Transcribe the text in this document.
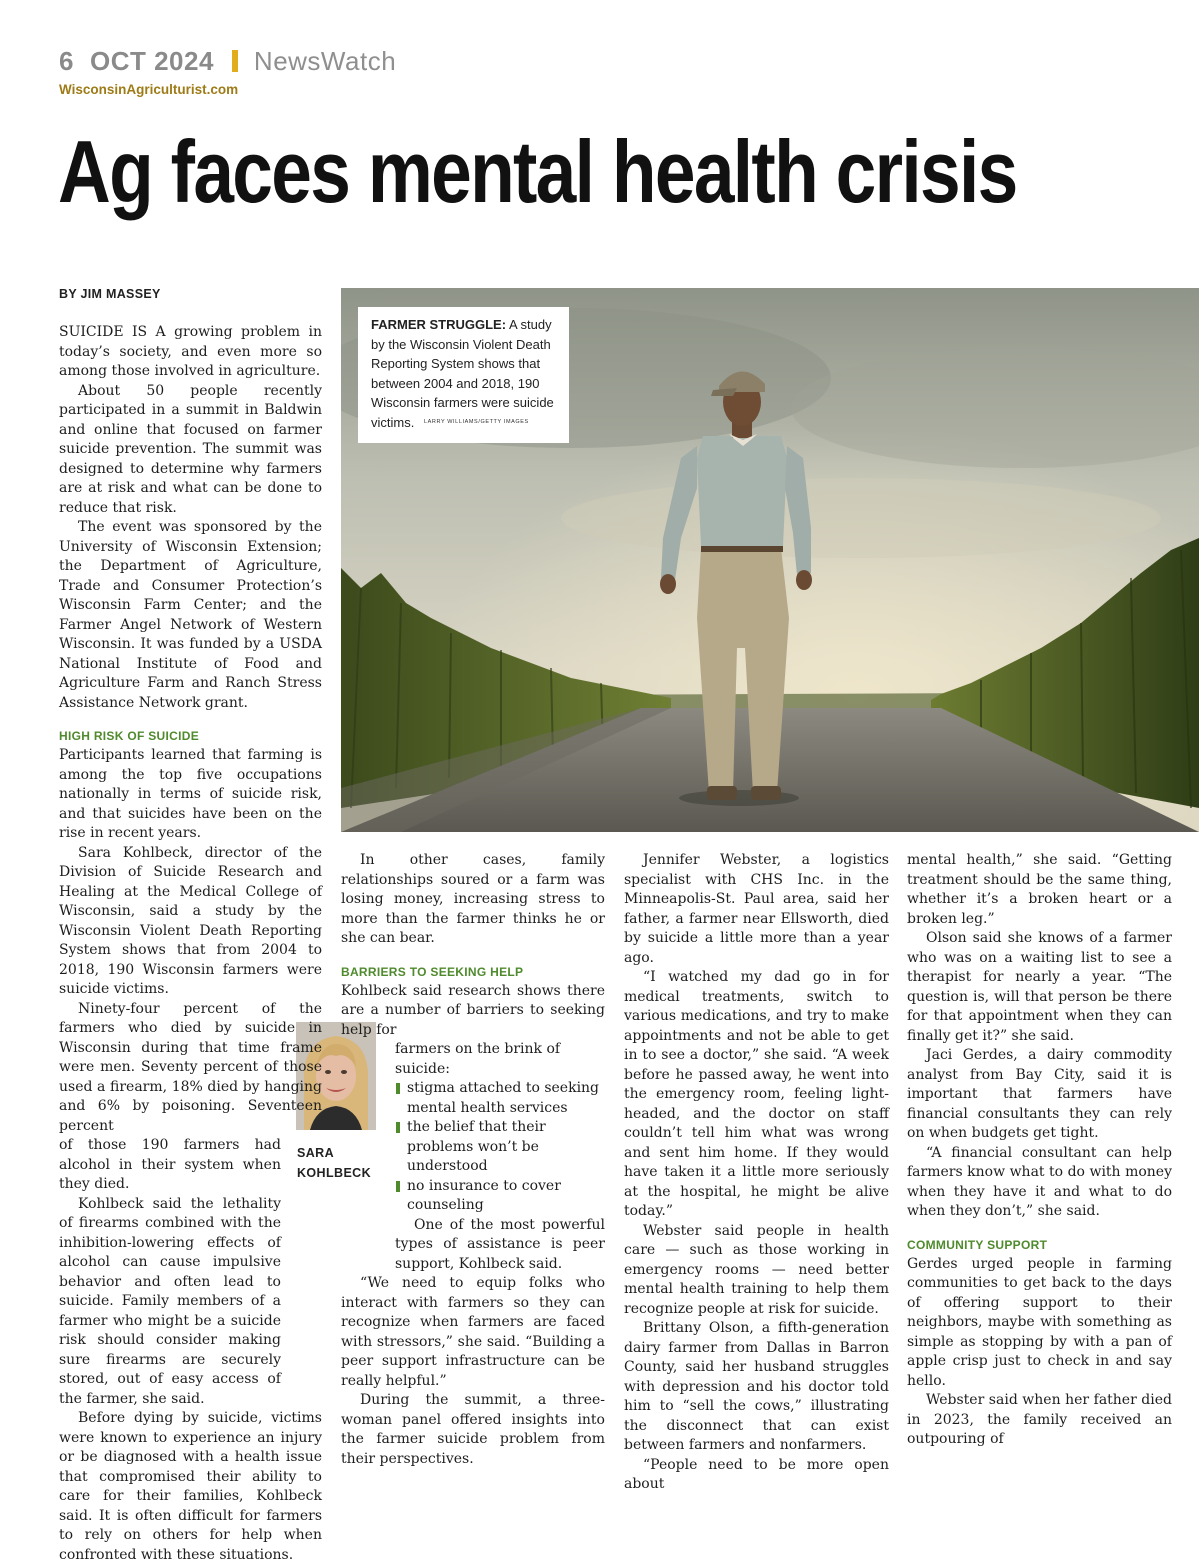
6 OCT 2024 NewsWatch
WisconsinAgriculturist.com
Ag faces mental health crisis
BY JIM MASSEY
FARMER STRUGGLE: A study by the Wisconsin Violent Death Reporting System shows that between 2004 and 2018, 190 Wisconsin farmers were suicide victims. LARRY WILLIAMS/GETTY IMAGES
SARA
KOHLBECK

SUICIDE IS A growing problem in today’s society, and even more so among those involved in agriculture.

About 50 people recently participated in a summit in Baldwin and online that focused on farmer suicide prevention. The summit was designed to determine why farmers are at risk and what can be done to reduce that risk.

The event was sponsored by the University of Wisconsin Extension; the Department of Agriculture, Trade and Consumer Protection’s Wisconsin Farm Center; and the Farmer Angel Network of Western Wisconsin. It was funded by a USDA National Institute of Food and Agriculture Farm and Ranch Stress Assistance Network grant.

HIGH RISK OF SUICIDE

Participants learned that farming is among the top five occupations nationally in terms of suicide risk, and that suicides have been on the rise in recent years.

Sara Kohlbeck, director of the Division of Suicide Research and Healing at the Medical College of Wisconsin, said a study by the Wisconsin Violent Death Reporting System shows that from 2004 to 2018, 190 Wisconsin farmers were suicide victims.

Ninety-four percent of the farmers who died by suicide in Wisconsin during that time frame were men. Seventy percent of those used a firearm, 18% died by hanging and 6% by poisoning. Seventeen percent

of those 190 farmers had alcohol in their system when they died.

Kohlbeck said the lethality of firearms combined with the inhibition-lowering effects of alcohol can cause impulsive behavior and often lead to suicide. Family members of a farmer who might be a suicide risk should consider making sure firearms are securely stored, out of easy access of the farmer, she said.

Before dying by suicide, victims were known to experience an injury or be diagnosed with a health issue that compromised their ability to care for their families, Kohlbeck said. It is often difficult for farmers to rely on others for help when confronted with these situations.

In other cases, family relationships soured or a farm was losing money, increasing stress to more than the farmer thinks he or she can bear.

BARRIERS TO SEEKING HELP

Kohlbeck said research shows there are a number of barriers to seeking help for

farmers on the brink of suicide:

stigma attached to seeking mental health services
the belief that their problems won’t be understood
no insurance to cover counseling

One of the most powerful types of assistance is peer support, Kohlbeck said.

“We need to equip folks who interact with farmers so they can recognize when farmers are faced with stressors,” she said. “Building a peer support infrastructure can be really helpful.”

During the summit, a three-woman panel offered insights into the farmer suicide problem from their perspectives.

Jennifer Webster, a logistics specialist with CHS Inc. in the Minneapolis-St. Paul area, said her father, a farmer near Ellsworth, died by suicide a little more than a year ago.

“I watched my dad go in for medical treatments, switch to various medications, and try to make appointments and not be able to get in to see a doctor,” she said. “A week before he passed away, he went into the emergency room, feeling light-headed, and the doctor on staff couldn’t tell him what was wrong and sent him home. If they would have taken it a little more seriously at the hospital, he might be alive today.”

Webster said people in health care — such as those working in emergency rooms — need better mental health training to help them recognize people at risk for suicide.

Brittany Olson, a fifth-generation dairy farmer from Dallas in Barron County, said her husband struggles with depression and his doctor told him to “sell the cows,” illustrating the disconnect that can exist between farmers and nonfarmers.

“People need to be more open about

mental health,” she said. “Getting treatment should be the same thing, whether it’s a broken heart or a broken leg.”

Olson said she knows of a farmer who was on a waiting list to see a therapist for nearly a year. “The question is, will that person be there for that appointment when they can finally get it?” she said.

Jaci Gerdes, a dairy commodity analyst from Bay City, said it is important that farmers have financial consultants they can rely on when budgets get tight.

“A financial consultant can help farmers know what to do with money when they have it and what to do when they don’t,” she said.

COMMUNITY SUPPORT

Gerdes urged people in farming communities to get back to the days of offering support to their neighbors, maybe with something as simple as stopping by with a pan of apple crisp just to check in and say hello.

Webster said when her father died in 2023, the family received an outpouring of
